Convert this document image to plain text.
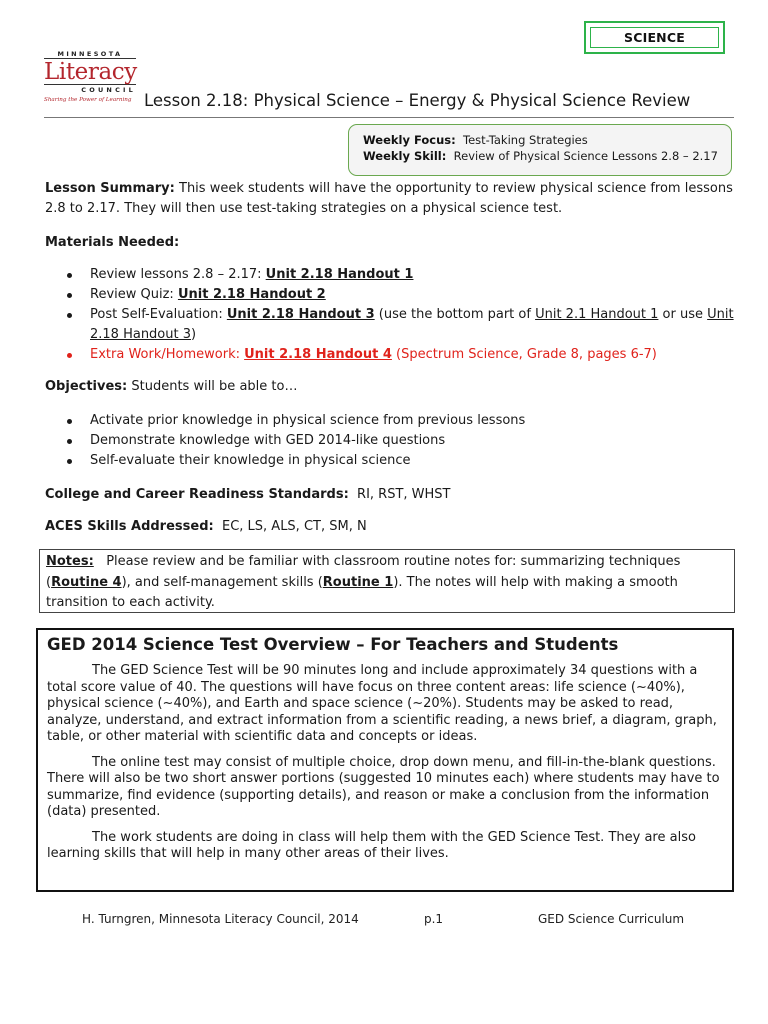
SCIENCE
MINNESOTA
Literacy
COUNCIL
Sharing the Power of Learning Lesson 2.18: Physical Science – Energy & Physical Science Review
Weekly Focus: Test-Taking Strategies
Weekly Skill: Review of Physical Science Lessons 2.8 – 2.17
Lesson Summary: This week students will have the opportunity to review physical science from lessons 2.8 to 2.17. They will then use test-taking strategies on a physical science test.
Materials Needed:
Review lessons 2.8 – 2.17: Unit 2.18 Handout 1
Review Quiz: Unit 2.18 Handout 2
Post Self-Evaluation: Unit 2.18 Handout 3 (use the bottom part of Unit 2.1 Handout 1 or use Unit 2.18 Handout 3)
Extra Work/Homework: Unit 2.18 Handout 4 (Spectrum Science, Grade 8, pages 6-7)
Objectives: Students will be able to…
Activate prior knowledge in physical science from previous lessons
Demonstrate knowledge with GED 2014-like questions
Self-evaluate their knowledge in physical science
College and Career Readiness Standards: RI, RST, WHST
ACES Skills Addressed: EC, LS, ALS, CT, SM, N
Notes: Please review and be familiar with classroom routine notes for: summarizing techniques (Routine 4), and self-management skills (Routine 1). The notes will help with making a smooth transition to each activity.
GED 2014 Science Test Overview – For Teachers and Students

The GED Science Test will be 90 minutes long and include approximately 34 questions with a total score value of 40. The questions will have focus on three content areas: life science (~40%), physical science (~40%), and Earth and space science (~20%). Students may be asked to read, analyze, understand, and extract information from a scientific reading, a news brief, a diagram, graph, table, or other material with scientific data and concepts or ideas.

The online test may consist of multiple choice, drop down menu, and fill-in-the-blank questions. There will also be two short answer portions (suggested 10 minutes each) where students may have to summarize, find evidence (supporting details), and reason or make a conclusion from the information (data) presented.

The work students are doing in class will help them with the GED Science Test. They are also learning skills that will help in many other areas of their lives.

H. Turngren, Minnesota Literacy Council, 2014	p.1	GED Science Curriculum
